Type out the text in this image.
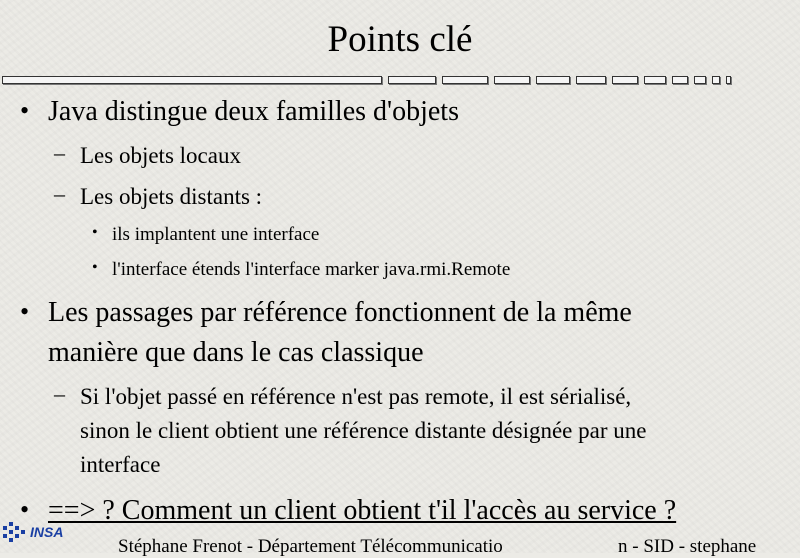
Points clé
• Java distingue deux familles d'objets
– Les objets locaux
– Les objets distants :
• ils implantent une interface
• l'interface étends l'interface marker java.rmi.Remote
• Les passages par référence fonctionnent de la même
manière que dans le cas classique
– Si l'objet passé en référence n'est pas remote, il est sérialisé,
sinon le client obtient une référence distante désignée par une
interface
• ==> ? Comment un client obtient t'il l'accès au service ?
INSA
Stéphane Frenot - Département Télécommunicatio	n - SID - stephane
